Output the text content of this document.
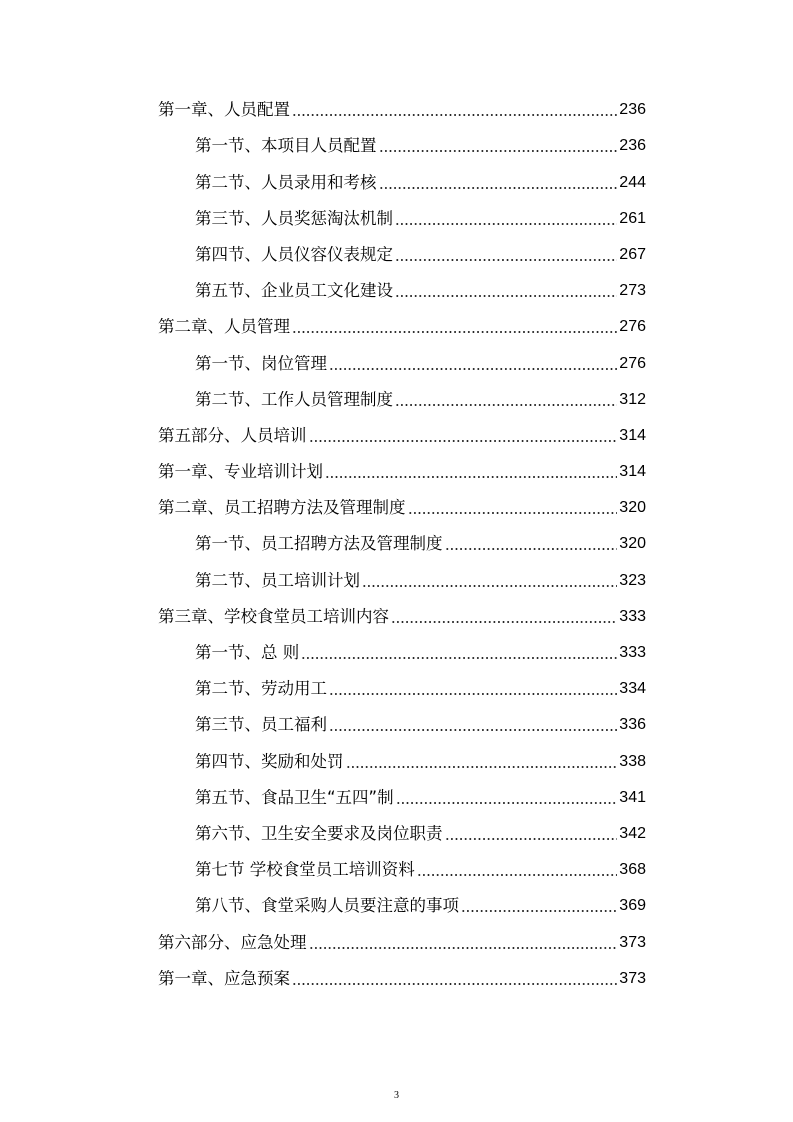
第一章、人员配置	236
第一节、本项目人员配置	236
第二节、人员录用和考核	244
第三节、人员奖惩淘汰机制	261
第四节、人员仪容仪表规定	267
第五节、企业员工文化建设	273
第二章、人员管理	276
第一节、岗位管理	276
第二节、工作人员管理制度	312
第五部分、人员培训	314
第一章、专业培训计划	314
第二章、员工招聘方法及管理制度	320
第一节、员工招聘方法及管理制度	320
第二节、员工培训计划	323
第三章、学校食堂员工培训内容	333
第一节、总 则	333
第二节、劳动用工	334
第三节、员工福利	336
第四节、奖励和处罚	338
第五节、食品卫生“五四”制	341
第六节、卫生安全要求及岗位职责	342
第七节 学校食堂员工培训资料	368
第八节、食堂采购人员要注意的事项	369
第六部分、应急处理	373
第一章、应急预案	373
3
